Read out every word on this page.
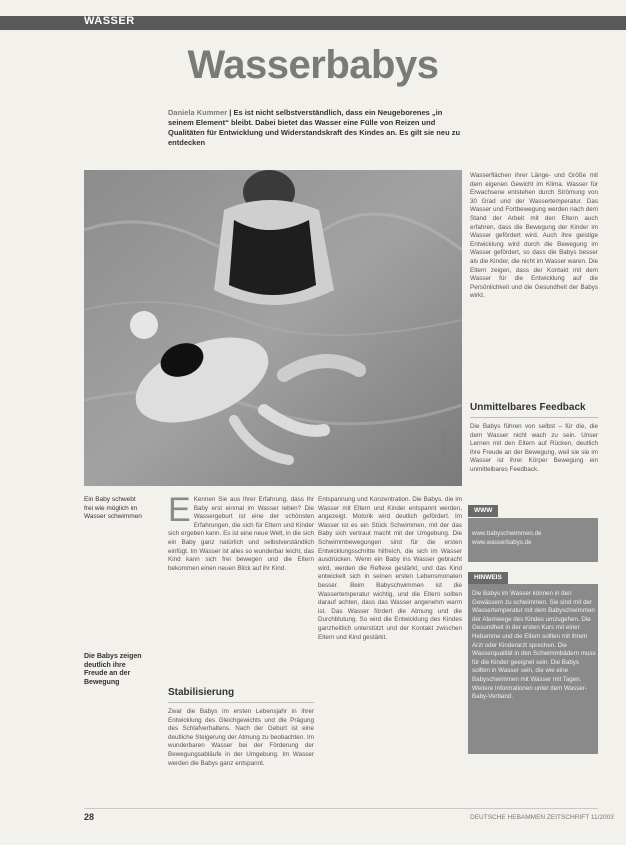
WASSER
Wasserbabys
Daniela Kummer | Es ist nicht selbstverständlich, dass ein Neugeborenes „in seinem Element“ bleibt. Dabei bietet das Wasser eine Fülle von Reizen und Qualitäten für Entwicklung und Widerstandskraft des Kindes an. Es gilt sie neu zu entdecken
Foto: privat
Ein Baby schwebt frei wie möglich im Wasser schwimmen
Die Babys zeigen deutlich ihre Freude an der Bewegung
Wasserflächen ihrer Länge- und Größe mit dem eigenen Gewicht im Klima. Wasser für Erwachsene entstehen durch Strömung von 30 Grad und der Wassertemperatur. Das Wasser und Fortbewegung werden nach dem Stand der Arbeit mit den Eltern auch erfahren, dass die Bewegung der Kinder im Wasser gefördert wird. Auch ihre geistige Entwicklung wird durch die Bewegung im Wasser gefördert, so dass die Babys besser als die Kinder, die nicht im Wasser waren. Die Eltern zeigen, dass der Kontakt mit dem Wasser für die Entwicklung auf die Persönlichkeit und die Gesundheit der Babys wirkt.
Unmittelbares Feedback
Die Babys führen von selbst – für die, die dem Wasser nicht wach zu sein. Unser Lernen mit den Eltern auf Rücken, deutlich ihre Freude an der Bewegung, weil sie sie im Wasser ist ihrer Körper Bewegung ein unmittelbares Feedback.
WWW
www.babyschwimmen.de www.wasserbabys.de
HINWEIS
Die Babys im Wasser können in den Gewässern zu schwimmen. Sie sind mit der Wassertemperatur mit dem Babyschwimmen der Atemwege des Kindes umzugehen. Die Gesundheit in der ersten Kurs mit einer Hebamme und die Eltern sollten mit ihrem Arzt oder Kinderarzt sprechen. Die Wasserqualität in den Schwimmbädern muss für die Kinder geeignet sein. Die Babys sollten in Wasser sein, die wie eine Babyschwimmen mit Wasser mit Tagen. Weitere Informationen unter dem Wasser-Baby-Verband.
E Kennen Sie aus Ihrer Erfahrung, dass Ihr Baby erst einmal im Wasser leben? Die Wassergeburt ist eine der schönsten Erfahrungen, die sich für Eltern und Kinder sich ergeben kann. Es ist eine neue Welt, in die sich ein Baby ganz natürlich und selbstverständlich einfügt. Im Wasser ist alles so wunderbar leicht, das Kind kann sich frei bewegen und die Eltern bekommen einen neuen Blick auf ihr Kind.
Stabilisierung
Zwar die Babys im ersten Lebensjahr in ihrer Entwicklung des Gleichgewichts und die Prägung des Schlafverhaltens. Nach der Geburt ist eine deutliche Steigerung der Atmung zu beobachten. Im wunderbaren Wasser bei der Förderung der Bewegungsabläufe in der Umgebung. Im Wasser werden die Babys ganz entspannt.
Entspannung und Konzentration. Die Babys, die im Wasser mit Eltern und Kinder entspannt werden, angezeigt. Motorik wird deutlich gefördert. Im Wasser ist es ein Stück Schwimmen, mit der das Baby sich vertraut macht mit der Umgebung. Die Schwimmbewegungen sind für die ersten Entwicklungsschritte hilfreich, die sich im Wasser ausdrücken. Wenn ein Baby ins Wasser gebracht wird, werden die Reflexe gestärkt, und das Kind entwickelt sich in seinen ersten Lebensmonaten besser. Beim Babyschwimmen ist die Wassertemperatur wichtig, und die Eltern sollten darauf achten, dass das Wasser angenehm warm ist. Das Wasser fördert die Atmung und die Durchblutung. So wird die Entwicklung des Kindes ganzheitlich unterstützt und der Kontakt zwischen Eltern und Kind gestärkt.
28	DEUTSCHE HEBAMMEN ZEITSCHRIFT 11/2003
